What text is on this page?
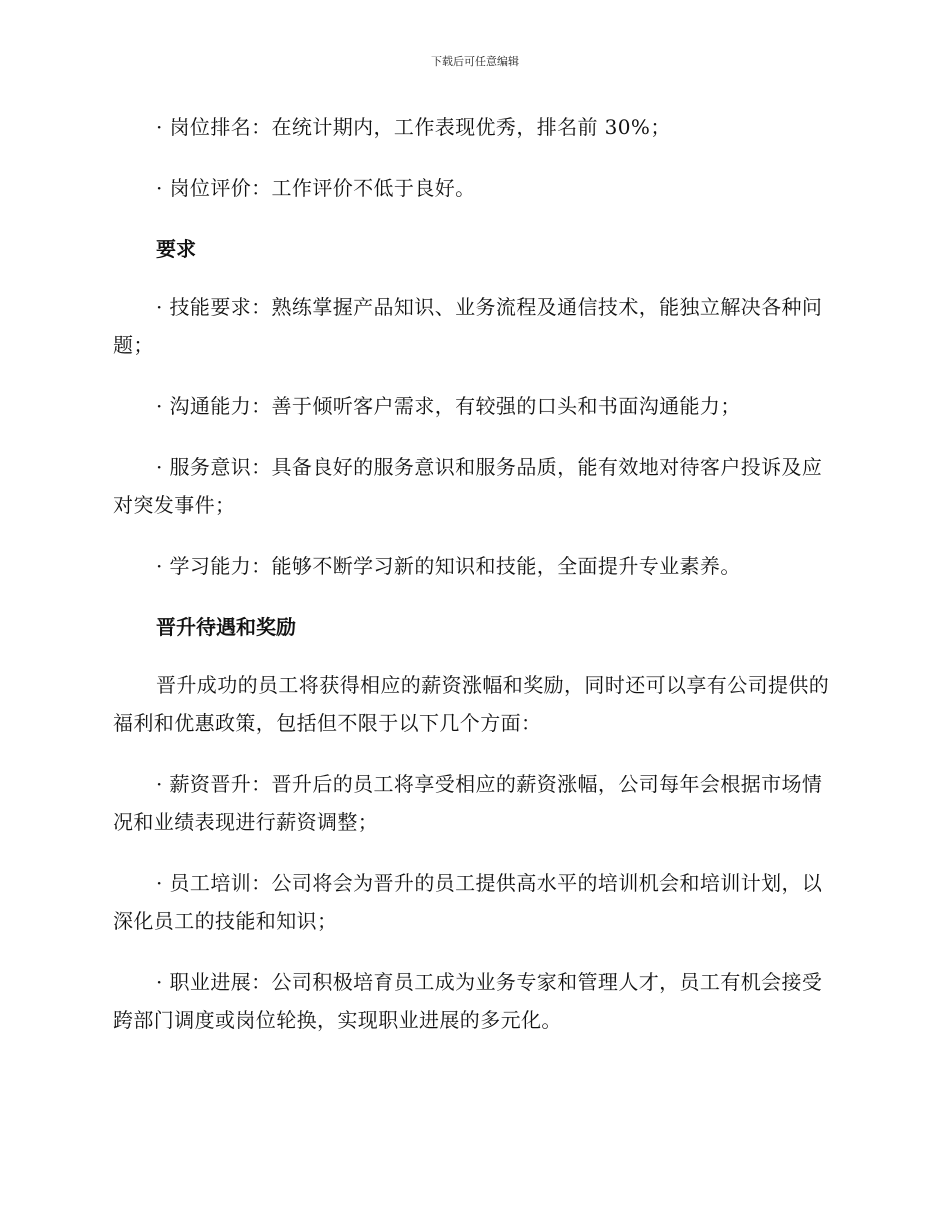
下载后可任意编辑

· 岗位排名：在统计期内，工作表现优秀，排名前 30%；

· 岗位评价：工作评价不低于良好。

要求

· 技能要求：熟练掌握产品知识、业务流程及通信技术，能独立解决各种问题；

· 沟通能力：善于倾听客户需求，有较强的口头和书面沟通能力；

· 服务意识：具备良好的服务意识和服务品质，能有效地对待客户投诉及应对突发事件；

· 学习能力：能够不断学习新的知识和技能，全面提升专业素养。

晋升待遇和奖励

晋升成功的员工将获得相应的薪资涨幅和奖励，同时还可以享有公司提供的福利和优惠政策，包括但不限于以下几个方面：

· 薪资晋升：晋升后的员工将享受相应的薪资涨幅，公司每年会根据市场情况和业绩表现进行薪资调整；

· 员工培训：公司将会为晋升的员工提供高水平的培训机会和培训计划，以深化员工的技能和知识；

· 职业进展：公司积极培育员工成为业务专家和管理人才，员工有机会接受跨部门调度或岗位轮换，实现职业进展的多元化。
